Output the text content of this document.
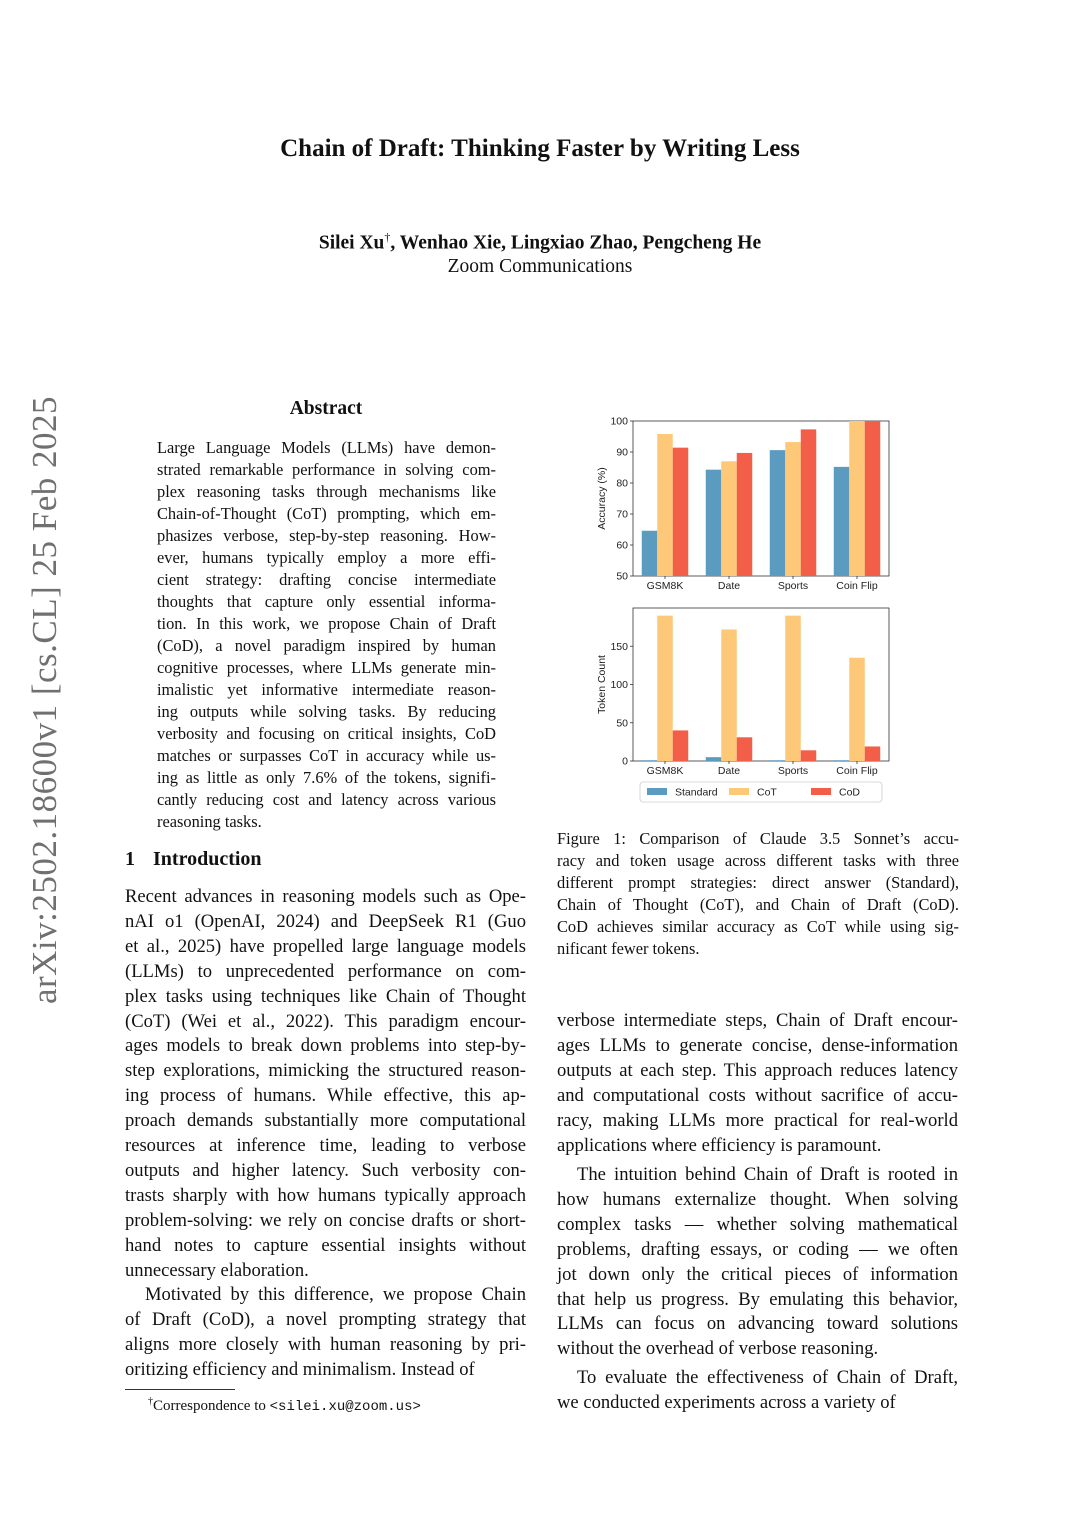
arXiv:2502.18600v1 [cs.CL] 25 Feb 2025
Chain of Draft: Thinking Faster by Writing Less
Silei Xu†, Wenhao Xie, Lingxiao Zhao, Pengcheng He
Zoom Communications
Abstract
Large Language Models (LLMs) have demon-
strated remarkable performance in solving com-
plex reasoning tasks through mechanisms like
Chain-of-Thought (CoT) prompting, which em-
phasizes verbose, step-by-step reasoning. How-
ever, humans typically employ a more effi-
cient strategy: drafting concise intermediate
thoughts that capture only essential informa-
tion. In this work, we propose Chain of Draft
(CoD), a novel paradigm inspired by human
cognitive processes, where LLMs generate min-
imalistic yet informative intermediate reason-
ing outputs while solving tasks. By reducing
verbosity and focusing on critical insights, CoD
matches or surpasses CoT in accuracy while us-
ing as little as only 7.6% of the tokens, signifi-
cantly reducing cost and latency across various
reasoning tasks.
1 Introduction
Recent advances in reasoning models such as Ope-
nAI o1 (OpenAI, 2024) and DeepSeek R1 (Guo
et al., 2025) have propelled large language models
(LLMs) to unprecedented performance on com-
plex tasks using techniques like Chain of Thought
(CoT) (Wei et al., 2022). This paradigm encour-
ages models to break down problems into step-by-
step explorations, mimicking the structured reason-
ing process of humans. While effective, this ap-
proach demands substantially more computational
resources at inference time, leading to verbose
outputs and higher latency. Such verbosity con-
trasts sharply with how humans typically approach
problem-solving: we rely on concise drafts or short-
hand notes to capture essential insights without
unnecessary elaboration.
Motivated by this difference, we propose Chain
of Draft (CoD), a novel prompting strategy that
aligns more closely with human reasoning by pri-
oritizing efficiency and minimalism. Instead of
†Correspondence to <silei.xu@zoom.us>
GSM8K	Date	Sports	Coin Flip
50
60
70
80
90
100
Accuracy (%)
GSM8K	Date	Sports	Coin Flip
0
50
100
150
Token Count
Standard	CoT	CoD
Figure 1: Comparison of Claude 3.5 Sonnet’s accu-
racy and token usage across different tasks with three
different prompt strategies: direct answer (Standard),
Chain of Thought (CoT), and Chain of Draft (CoD).
CoD achieves similar accuracy as CoT while using sig-
nificant fewer tokens.
verbose intermediate steps, Chain of Draft encour-
ages LLMs to generate concise, dense-information
outputs at each step. This approach reduces latency
and computational costs without sacrifice of accu-
racy, making LLMs more practical for real-world
applications where efficiency is paramount.
The intuition behind Chain of Draft is rooted in
how humans externalize thought. When solving
complex tasks — whether solving mathematical
problems, drafting essays, or coding — we often
jot down only the critical pieces of information
that help us progress. By emulating this behavior,
LLMs can focus on advancing toward solutions
without the overhead of verbose reasoning.
To evaluate the effectiveness of Chain of Draft,
we conducted experiments across a variety of
